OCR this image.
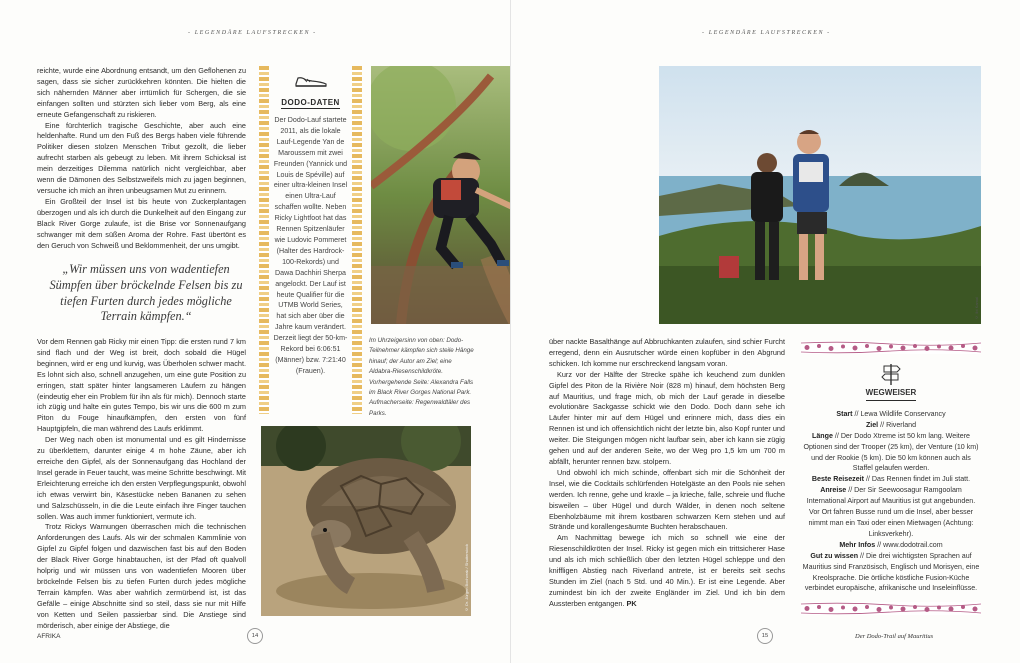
- LEGENDÄRE LAUFSTRECKEN -

reichte, wurde eine Abordnung entsandt, um den Geflohenen zu sagen, dass sie sicher zurückkehren könnten. Die hielten die sich nähernden Männer aber irrtümlich für Schergen, die sie einfangen sollten und stürzten sich lieber vom Berg, als eine erneute Gefangenschaft zu riskieren.

Eine fürchterlich tragische Geschichte, aber auch eine heldenhafte. Rund um den Fuß des Bergs haben viele führende Politiker diesen stolzen Menschen Tribut gezollt, die lieber aufrecht starben als gebeugt zu leben. Mit ihrem Schicksal ist mein derzeitiges Dilemma natürlich nicht vergleichbar, aber wenn die Dämonen des Selbstzweifels mich zu jagen beginnen, versuche ich mich an ihren unbeugsamen Mut zu erinnern.

Ein Großteil der Insel ist bis heute von Zuckerplantagen überzogen und als ich durch die Dunkelheit auf den Eingang zur Black River Gorge zulaufe, ist die Brise vor Sonnenaufgang schwanger mit dem süßen Aroma der Rohre. Fast übertönt es den Geruch von Schweiß und Beklommenheit, der uns umgibt.

„Wir müssen uns von wadentiefen Sümpfen über bröckelnde Felsen bis zu tiefen Furten durch jedes mögliche Terrain kämpfen.“

Vor dem Rennen gab Ricky mir einen Tipp: die ersten rund 7 km sind flach und der Weg ist breit, doch sobald die Hügel beginnen, wird er eng und kurvig, was Überholen schwer macht. Es lohnt sich also, schnell anzugehen, um eine gute Position zu erringen, statt später hinter langsameren Läufern zu hängen (eindeutig eher ein Problem für ihn als für mich). Dennoch starte ich zügig und halte ein gutes Tempo, bis wir uns die 600 m zum Piton du Fouge hinaufkämpfen, den ersten von fünf Hauptgipfeln, die man während des Laufs erklimmt.

Der Weg nach oben ist monumental und es gilt Hindernisse zu überklettern, darunter einige 4 m hohe Zäune, aber ich erreiche den Gipfel, als der Sonnenaufgang das Hochland der Insel gerade in Feuer taucht, was meine Schritte beschwingt. Mit Erleichterung erreiche ich den ersten Verpflegungspunkt, obwohl ich etwas verwirrt bin, Käsestücke neben Bananen zu sehen und Salzschüsseln, in die die Leute einfach ihre Finger tauchen sollen. Was auch immer funktioniert, vermute ich.

Trotz Rickys Warnungen überraschen mich die technischen Anforderungen des Laufs. Als wir der schmalen Kammlinie von Gipfel zu Gipfel folgen und dazwischen fast bis auf den Boden der Black River Gorge hinabtauchen, ist der Pfad oft qualvoll holprig und wir müssen uns von wadentiefen Mooren über bröckelnde Felsen bis zu tiefen Furten durch jedes mögliche Terrain kämpfen. Was aber wahrlich zermürbend ist, ist das Gefälle – einige Abschnitte sind so steil, dass sie nur mit Hilfe von Ketten und Seilen passierbar sind. Die Anstiege sind mörderisch, aber einige der Abstiege, die

DODO-DATEN
Der Dodo-Lauf startete 2011, als die lokale Lauf-Legende Yan de Maroussem mit zwei Freunden (Yannick und Louis de Spéville) auf einer ultra-kleinen Insel einen Ultra-Lauf schaffen wollte. Neben Ricky Lightfoot hat das Rennen Spitzenläufer wie Ludovic Pommeret (Halter des Hardrock-100-Rekords) und Dawa Dachhiri Sherpa angelockt. Der Lauf ist heute Qualifier für die UTMB World Series, hat sich aber über die Jahre kaum verändert. Derzeit liegt der 50-km-Rekord bei 6:06:51 (Männer) bzw. 7:21:40 (Frauen).
© Dr. Jürgen Bochorak / Shutterstock
Im Uhrzeigersinn von oben: Dodo-Teilnehmer kämpfen sich steile Hänge hinauf; der Autor am Ziel; eine Aldabra-Riesenschildkröte. Vorhergehende Seite: Alexandra Falls im Black River Gorges National Park. Aufmacherseite: Regenwaldtäler des Parks.
AFRIKA	14
- LEGENDÄRE LAUFSTRECKEN -

über nackte Basalthänge auf Abbruchkanten zulaufen, sind schier Furcht erregend, denn ein Ausrutscher würde einen kopfüber in den Abgrund schicken. Ich komme nur erschreckend langsam voran.

Kurz vor der Hälfte der Strecke spähe ich keuchend zum dunklen Gipfel des Piton de la Rivière Noir (828 m) hinauf, dem höchsten Berg auf Mauritius, und frage mich, ob mich der Lauf gerade in dieselbe evolutionäre Sackgasse schickt wie den Dodo. Doch dann sehe ich Läufer hinter mir auf dem Hügel und erinnere mich, dass dies ein Rennen ist und ich offensichtlich nicht der letzte bin, also Kopf runter und weiter. Die Steigungen mögen nicht laufbar sein, aber ich kann sie zügig gehen und auf der anderen Seite, wo der Weg pro 1,5 km um 700 m abfällt, herunter rennen bzw. stolpern.

Und obwohl ich mich schinde, offenbart sich mir die Schönheit der Insel, wie die Cocktails schlürfenden Hotelgäste an den Pools nie sehen werden. Ich renne, gehe und kraxle – ja krieche, falle, schreie und fluche bisweilen – über Hügel und durch Wälder, in denen noch seltene Ebenholzbäume mit ihrem kostbaren schwarzen Kern stehen und auf Strände und korallengesäumte Buchten herabschauen.

Am Nachmittag bewege ich mich so schnell wie eine der Riesenschildkröten der Insel. Ricky ist gegen mich ein trittsicherer Hase und als ich mich schließlich über den letzten Hügel schleppe und den kniffligen Abstieg nach Riverland antrete, ist er bereits seit sechs Stunden im Ziel (nach 5 Std. und 40 Min.). Er ist eine Legende. Aber zumindest bin ich der zweite Engländer im Ziel. Und ich bin dem Aussterben entgangen. PK

Der Dodo-Trail auf Mauritius
15
© Ibi Kamal
WEGWEISER
Start // Lewa Wildlife Conservancy
Ziel // Riverland
Länge // Der Dodo Xtreme ist 50 km lang. Weitere Optionen sind der Trooper (25 km), der Venture (10 km) und der Rookie (5 km). Die 50 km können auch als Staffel gelaufen werden.
Beste Reisezeit // Das Rennen findet im Juli statt.
Anreise // Der Sir Seewoosagur Ramgoolam International Airport auf Mauritius ist gut angebunden. Vor Ort fahren Busse rund um die Insel, aber besser nimmt man ein Taxi oder einen Mietwagen (Achtung: Linksverkehr).
Mehr Infos // www.dodotrail.com
Gut zu wissen // Die drei wichtigsten Sprachen auf Mauritius sind Französisch, Englisch und Morisyen, eine Kreolsprache. Die örtliche köstliche Fusion-Küche verbindet europäische, afrikanische und Inseleinflüsse.
